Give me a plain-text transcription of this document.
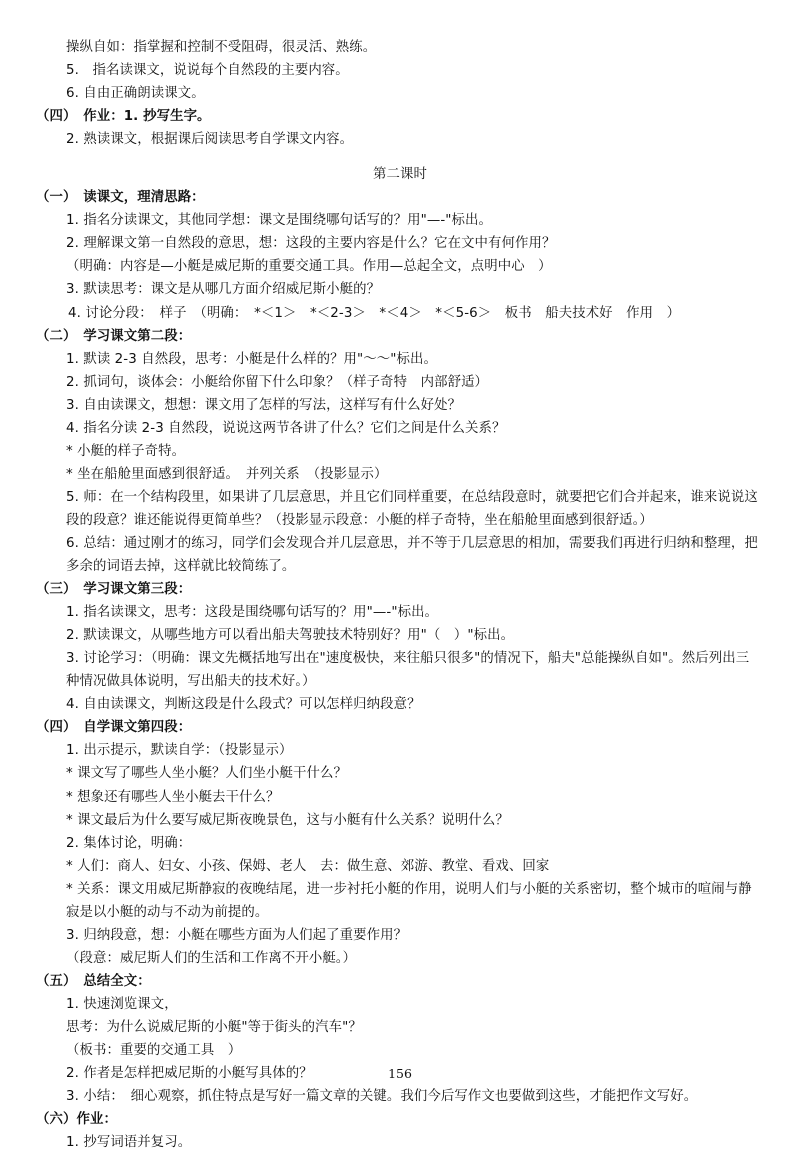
操纵自如：指掌握和控制不受阻碍，很灵活、熟练。
5.　指名读课文，说说每个自然段的主要内容。
6. 自由正确朗读课文。
（四）　作业：1. 抄写生字。
2. 熟读课文，根据课后阅读思考自学课文内容。
第二课时
（一）　读课文，理清思路：
1. 指名分读课文，其他同学想：课文是围绕哪句话写的？用"—-"标出。
2. 理解课文第一自然段的意思，想：这段的主要内容是什么？它在文中有何作用？
（明确：内容是—小艇是威尼斯的重要交通工具。作用—总起全文，点明中心　）
3. 默读思考：课文是从哪几方面介绍威尼斯小艇的？
4. 讨论分段：　样子　（明确：　*＜1＞　*＜2-3＞　*＜4＞　*＜5-6＞　板书　船夫技术好　作用　）
（二）　学习课文第二段：
1. 默读 2-3 自然段，思考：小艇是什么样的？用"～～"标出。
2. 抓词句，谈体会：小艇给你留下什么印象？（样子奇特　内部舒适）
3. 自由读课文，想想：课文用了怎样的写法，这样写有什么好处？
4. 指名分读 2-3 自然段，说说这两节各讲了什么？它们之间是什么关系？
* 小艇的样子奇特。
* 坐在船舱里面感到很舒适。　并列关系　（投影显示）
5. 师：在一个结构段里，如果讲了几层意思，并且它们同样重要，在总结段意时，就要把它们合并起来，谁来说说这段的段意？谁还能说得更简单些？（投影显示段意：小艇的样子奇特，坐在船舱里面感到很舒适。）
6. 总结：通过刚才的练习，同学们会发现合并几层意思，并不等于几层意思的相加，需要我们再进行归纳和整理，把多余的词语去掉，这样就比较简练了。
（三）　学习课文第三段：
1. 指名读课文，思考：这段是围绕哪句话写的？用"—-"标出。
2. 默读课文，从哪些地方可以看出船夫驾驶技术特别好？用"（　）"标出。
3. 讨论学习：（明确：课文先概括地写出在"速度极快，来往船只很多"的情况下，船夫"总能操纵自如"。然后列出三种情况做具体说明，写出船夫的技术好。）
4. 自由读课文，判断这段是什么段式？可以怎样归纳段意？
（四）　自学课文第四段：
1. 出示提示，默读自学：（投影显示）
* 课文写了哪些人坐小艇？人们坐小艇干什么？
* 想象还有哪些人坐小艇去干什么？
* 课文最后为什么要写威尼斯夜晚景色，这与小艇有什么关系？说明什么？
2. 集体讨论，明确：
* 人们：商人、妇女、小孩、保姆、老人　去：做生意、郊游、教堂、看戏、回家
* 关系：课文用威尼斯静寂的夜晚结尾，进一步衬托小艇的作用，说明人们与小艇的关系密切，整个城市的喧闹与静寂是以小艇的动与不动为前提的。
3. 归纳段意，想：小艇在哪些方面为人们起了重要作用？
（段意：威尼斯人们的生活和工作离不开小艇。）
（五）　总结全文：
1. 快速浏览课文，
思考：为什么说威尼斯的小艇"等于街头的汽车"？
（板书：重要的交通工具　）
2. 作者是怎样把威尼斯的小艇写具体的？
3. 小结：　细心观察，抓住特点是写好一篇文章的关键。我们今后写作文也要做到这些，才能把作文写好。
（六）作业：
1. 抄写词语并复习。
156
